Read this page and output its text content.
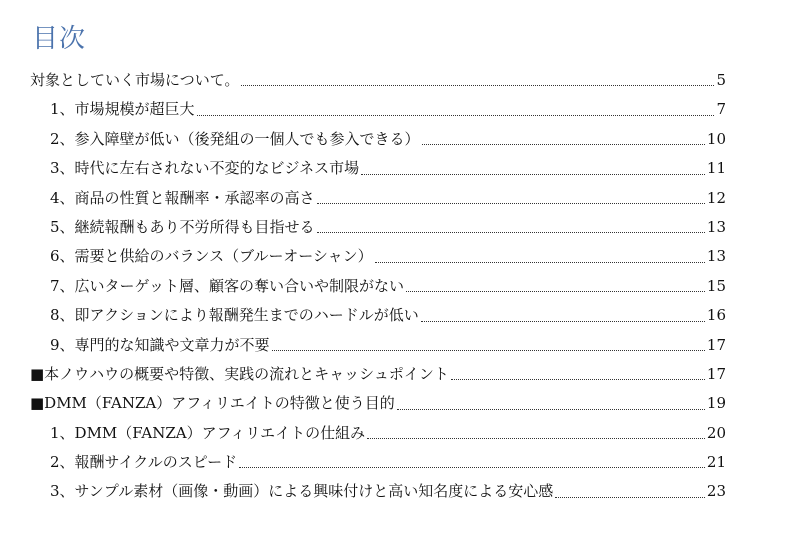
目次
対象としていく市場について。	5
1、市場規模が超巨大	7
2、参入障壁が低い（後発組の一個人でも参入できる）	10
3、時代に左右されない不変的なビジネス市場	11
4、商品の性質と報酬率・承認率の高さ	12
5、継続報酬もあり不労所得も目指せる	13
6、需要と供給のバランス（ブルーオーシャン）	13
7、広いターゲット層、顧客の奪い合いや制限がない	15
8、即アクションにより報酬発生までのハードルが低い	16
9、専門的な知識や文章力が不要	17
■本ノウハウの概要や特徴、実践の流れとキャッシュポイント	17
■DMM（FANZA）アフィリエイトの特徴と使う目的	19
1、DMM（FANZA）アフィリエイトの仕組み	20
2、報酬サイクルのスピード	21
3、サンプル素材（画像・動画）による興味付けと高い知名度による安心感	23
